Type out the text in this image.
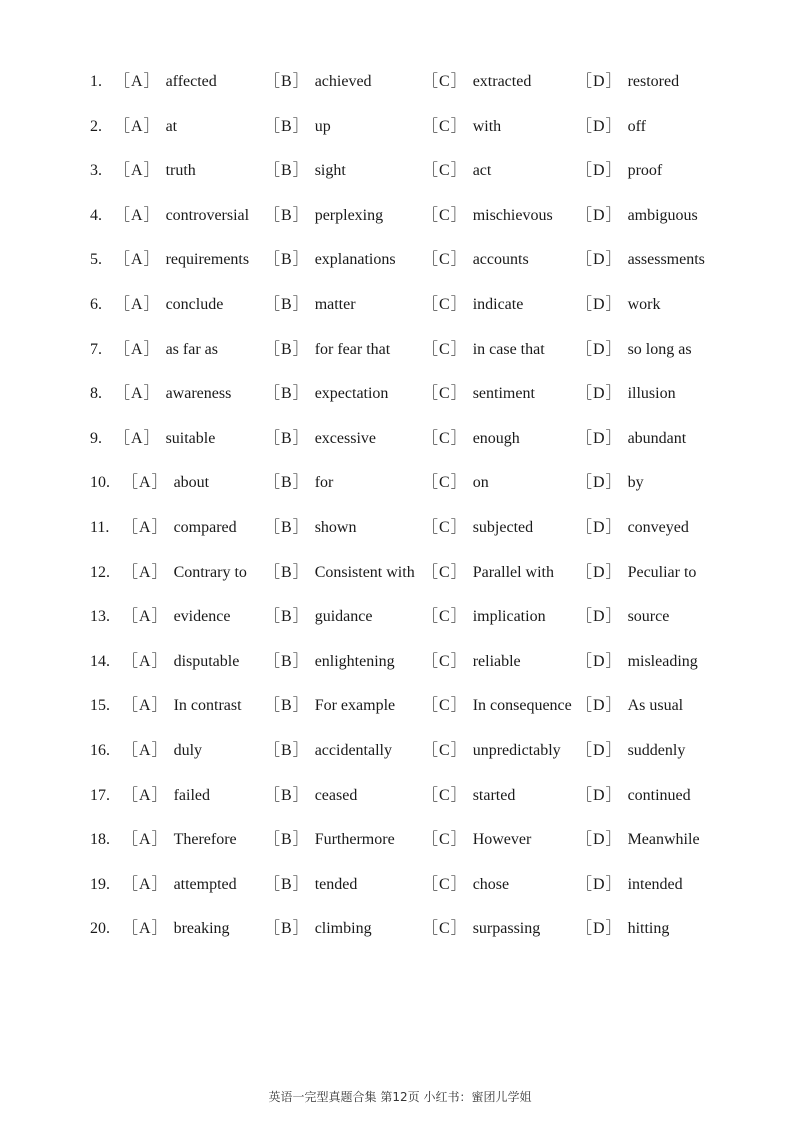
1. ［A］ affected	［B］ achieved	［C］ extracted	［D］ restored
2. ［A］ at	［B］ up	［C］ with	［D］ off
3. ［A］ truth	［B］ sight	［C］ act	［D］ proof
4. ［A］ controversial ［B］ perplexing ［C］ mischievous ［D］ ambiguous
5. ［A］ requirements ［B］ explanations ［C］ accounts	［D］ assessments
6. ［A］ conclude	［B］ matter	［C］ indicate	［D］ work
7. ［A］ as far as	［B］ for fear that ［C］ in case that ［D］ so long as
8. ［A］ awareness ［B］ expectation ［C］ sentiment	［D］ illusion
9. ［A］ suitable	［B］ excessive	［C］ enough	［D］ abundant
10. ［A］ about	［B］ for	［C］ on	［D］ by
11. ［A］ compared ［B］ shown	［C］ subjected	［D］ conveyed
12. ［A］ Contrary to ［B］ Consistent with ［C］ Parallel with ［D］ Peculiar to
13. ［A］ evidence ［B］ guidance	［C］ implication ［D］ source
14. ［A］ disputable ［B］ enlightening ［C］ reliable	［D］ misleading
15. ［A］ In contrast ［B］ For example ［C］ In consequence ［D］ As usual
16. ［A］ duly	［B］ accidentally ［C］ unpredictably ［D］ suddenly
17. ［A］ failed	［B］ ceased	［C］ started	［D］ continued
18. ［A］ Therefore ［B］ Furthermore ［C］ However	［D］ Meanwhile
19. ［A］ attempted ［B］ tended	［C］ chose	［D］ intended
20. ［A］ breaking ［B］ climbing	［C］ surpassing ［D］ hitting
英语一完型真题合集 第12页 小红书：蜜团儿学姐
